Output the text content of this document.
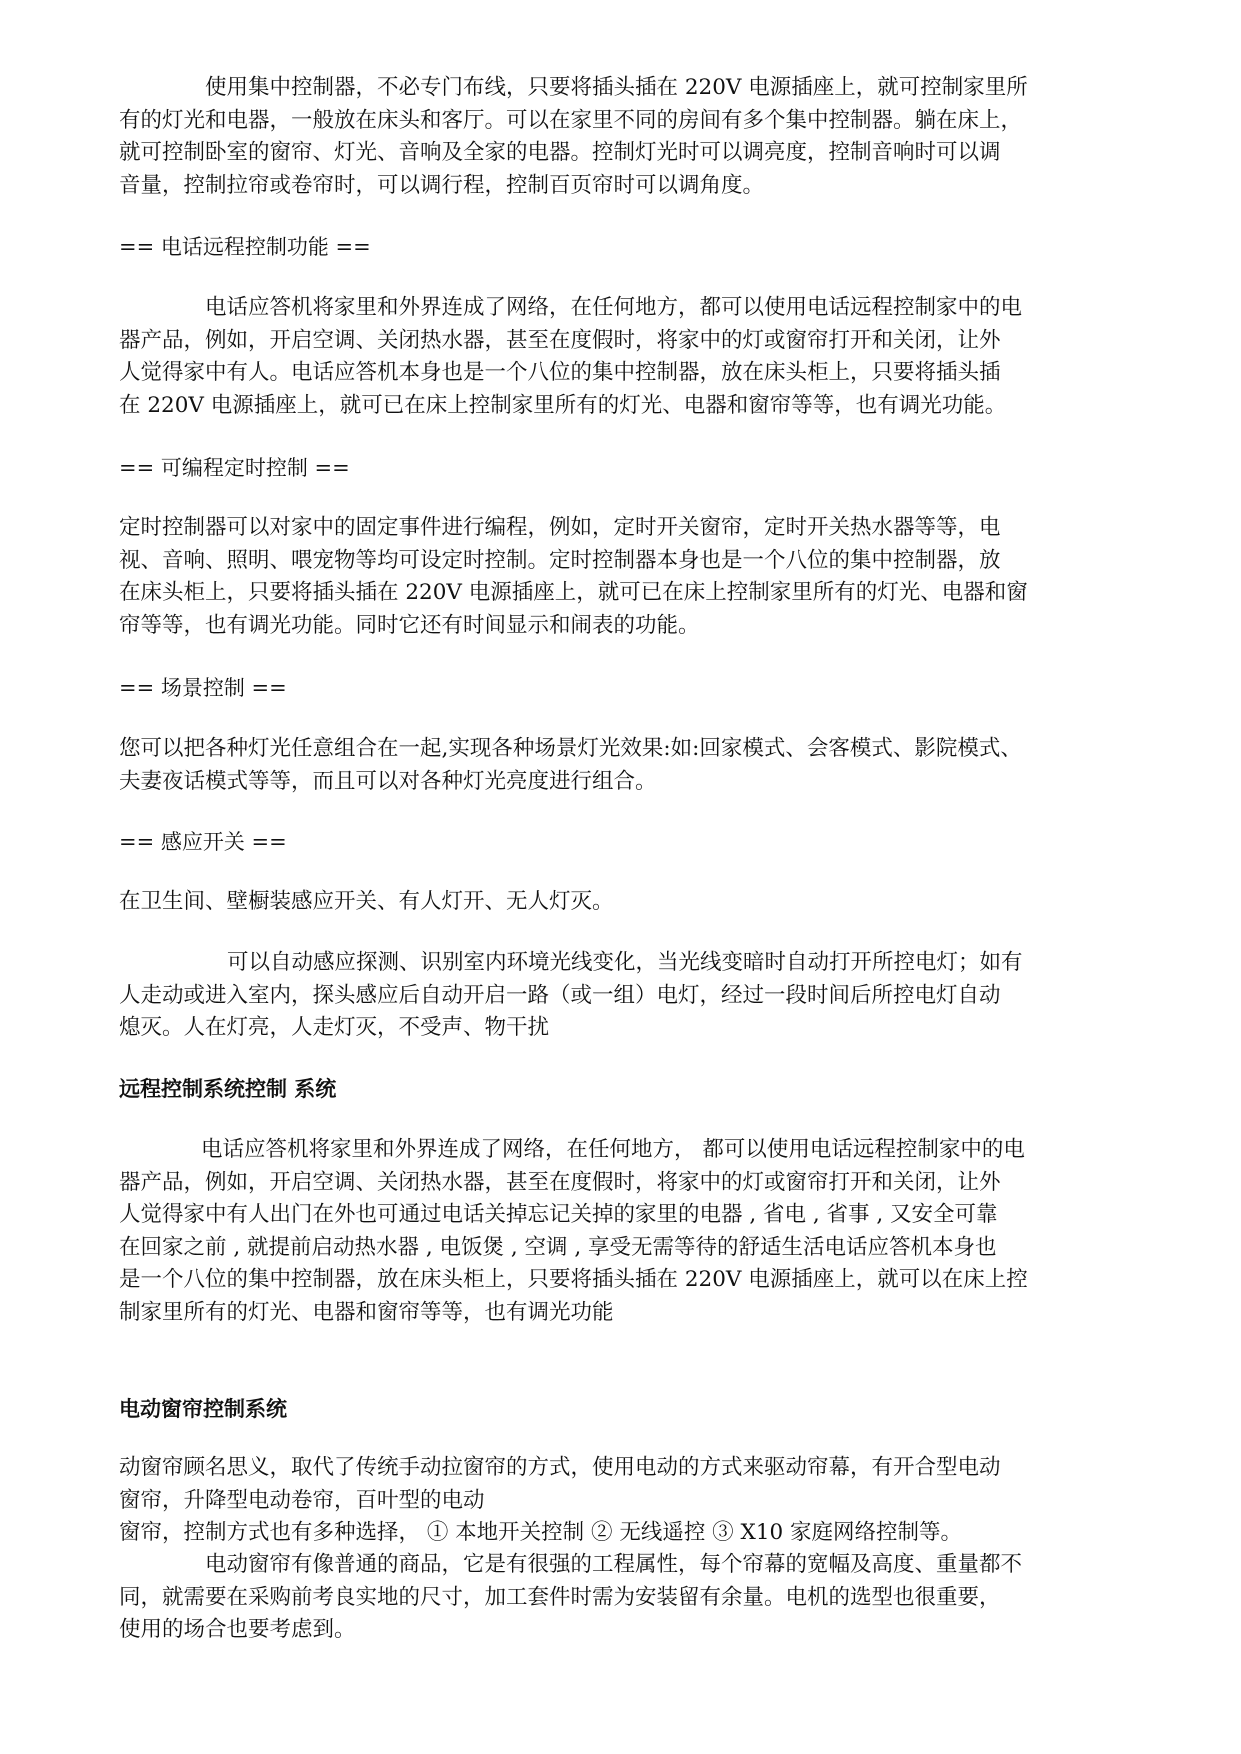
使用集中控制器，不必专门布线，只要将插头插在 220V 电源插座上，就可控制家里所
有的灯光和电器，一般放在床头和客厅。可以在家里不同的房间有多个集中控制器。躺在床上，
就可控制卧室的窗帘、灯光、音响及全家的电器。控制灯光时可以调亮度，控制音响时可以调
音量，控制拉帘或卷帘时，可以调行程，控制百页帘时可以调角度。
== 电话远程控制功能 ==
电话应答机将家里和外界连成了网络，在任何地方，都可以使用电话远程控制家中的电
器产品，例如，开启空调、关闭热水器，甚至在度假时，将家中的灯或窗帘打开和关闭，让外
人觉得家中有人。电话应答机本身也是一个八位的集中控制器，放在床头柜上，只要将插头插
在 220V 电源插座上，就可已在床上控制家里所有的灯光、电器和窗帘等等，也有调光功能。
== 可编程定时控制 ==
定时控制器可以对家中的固定事件进行编程，例如，定时开关窗帘，定时开关热水器等等，电
视、音响、照明、喂宠物等均可设定时控制。定时控制器本身也是一个八位的集中控制器，放
在床头柜上，只要将插头插在 220V 电源插座上，就可已在床上控制家里所有的灯光、电器和窗
帘等等，也有调光功能。同时它还有时间显示和闹表的功能。
== 场景控制 ==
您可以把各种灯光任意组合在一起,实现各种场景灯光效果:如:回家模式、会客模式、影院模式、
夫妻夜话模式等等，而且可以对各种灯光亮度进行组合。
== 感应开关 ==
在卫生间、壁橱装感应开关、有人灯开、无人灯灭。
可以自动感应探测、识别室内环境光线变化，当光线变暗时自动打开所控电灯；如有
人走动或进入室内，探头感应后自动开启一路（或一组）电灯，经过一段时间后所控电灯自动
熄灭。人在灯亮，人走灯灭，不受声、物干扰
远程控制系统控制 系统
电话应答机将家里和外界连成了网络，在任何地方， 都可以使用电话远程控制家中的电
器产品，例如，开启空调、关闭热水器，甚至在度假时，将家中的灯或窗帘打开和关闭，让外
人觉得家中有人出门在外也可通过电话关掉忘记关掉的家里的电器 , 省电 , 省事 , 又安全可靠
在回家之前 , 就提前启动热水器 , 电饭煲 , 空调 , 享受无需等待的舒适生活电话应答机本身也
是一个八位的集中控制器，放在床头柜上，只要将插头插在 220V 电源插座上，就可以在床上控
制家里所有的灯光、电器和窗帘等等，也有调光功能
电动窗帘控制系统
动窗帘顾名思义，取代了传统手动拉窗帘的方式，使用电动的方式来驱动帘幕，有开合型电动
窗帘，升降型电动卷帘，百叶型的电动
窗帘，控制方式也有多种选择， ① 本地开关控制 ② 无线遥控 ③ X10 家庭网络控制等。
电动窗帘有像普通的商品，它是有很强的工程属性，每个帘幕的宽幅及高度、重量都不
同，就需要在采购前考良实地的尺寸，加工套件时需为安装留有余量。电机的选型也很重要，
使用的场合也要考虑到。
